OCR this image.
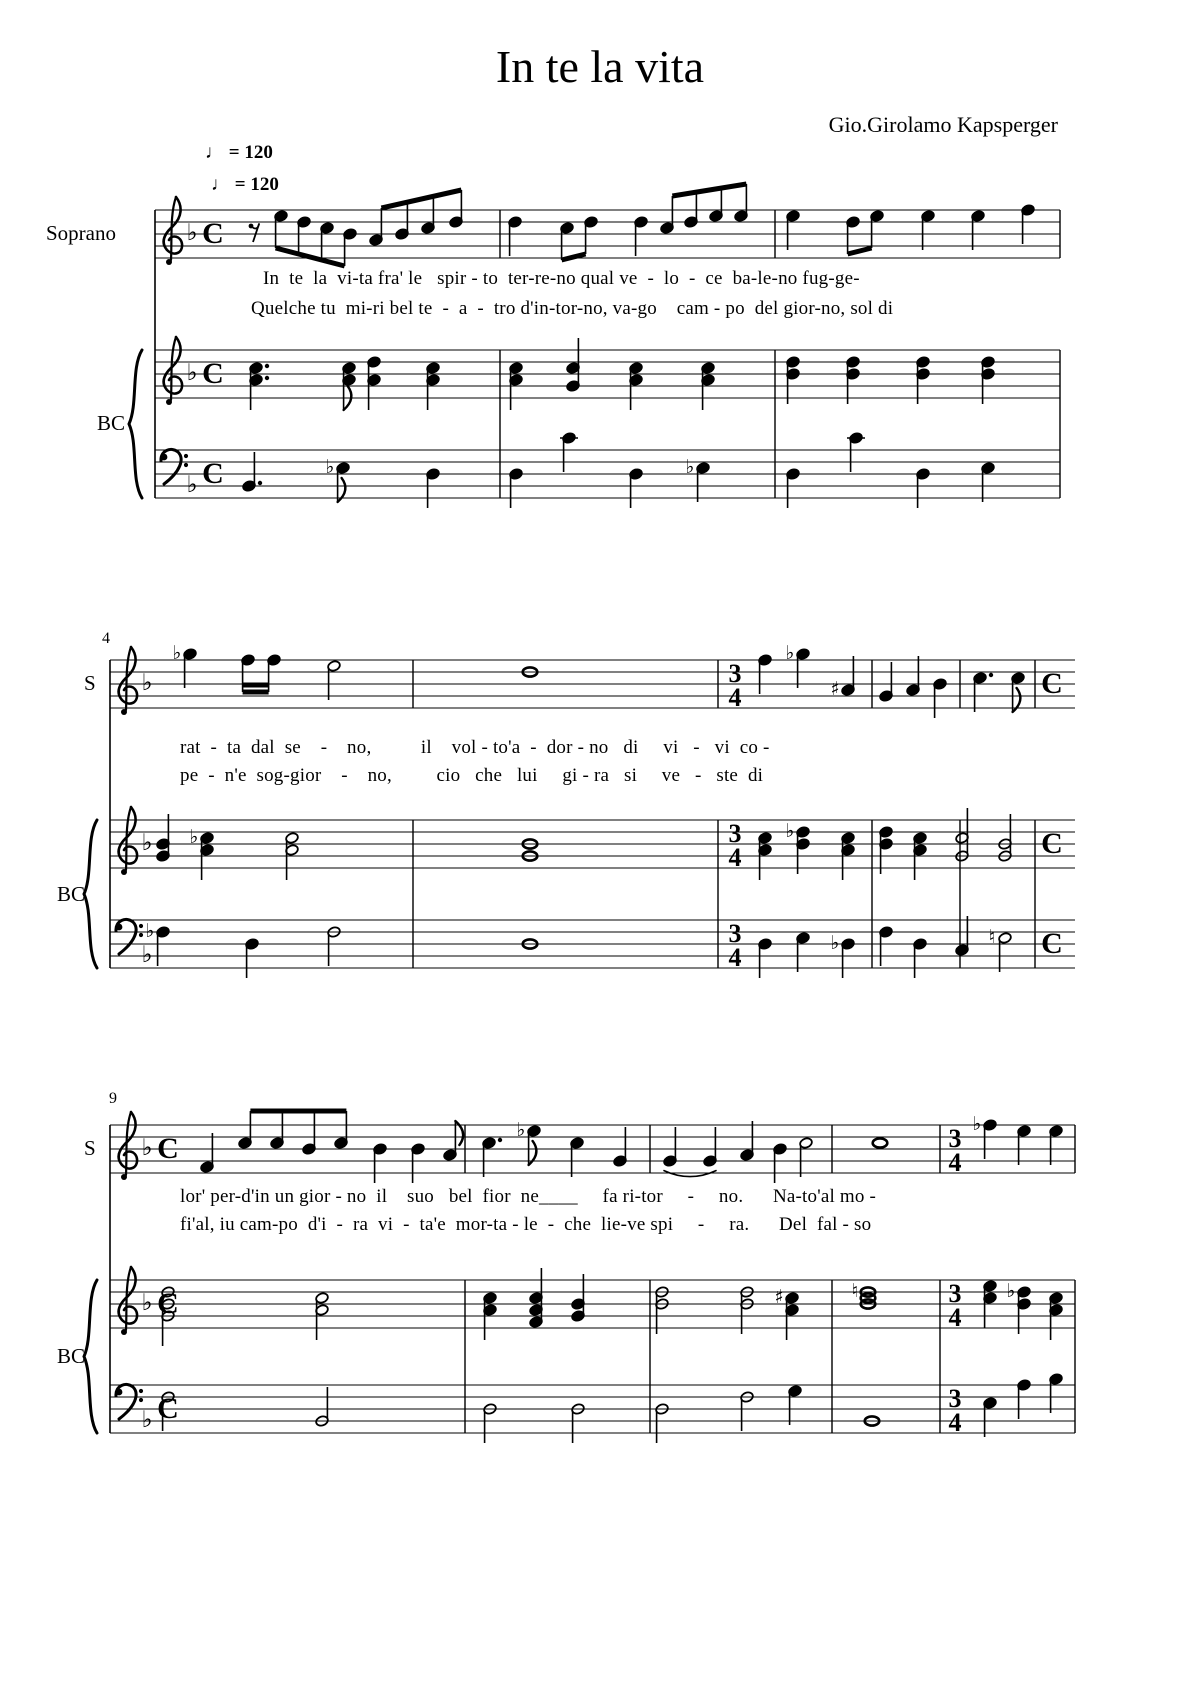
♭ C
♭ C
♭ C	♭	♭
♭
♭
3
4
♭
♯	C
♭ ♭	3
4
♭	C
♭
♭	3
4	♭	♮ C
♭ C
♭	3
4
♭
♭ C	♯	♮	3
4
♭
♭ C	3
4
In te la vita
Gio.Girolamo Kapsperger
♩ = 120
♩ = 120
Soprano
BC
S
BC
S
BC
4
9
In  te  la  vi-ta fra' le   spir - to  ter-re-no qual ve  -  lo  -  ce  ba-le-no fug-ge-
Quelche tu  mi-ri bel te  -  a  -  tro d'in-tor-no, va-go    cam - po  del gior-no, sol di
rat  -  ta  dal  se    -    no,          il    vol - to'a  -  dor - no   di     vi   -   vi  co -
pe  -  n'e  sog-gior    -    no,         cio   che   lui     gi - ra   si     ve   -   ste  di
lor' per-d'in un gior - no  il    suo   bel  fior  ne____     fa ri-tor     -     no.      Na-to'al mo -
fi'al, iu cam-po  d'i  -  ra  vi  -  ta'e  mor-ta - le  -  che  lie-ve spi     -     ra.      Del  fal - so
